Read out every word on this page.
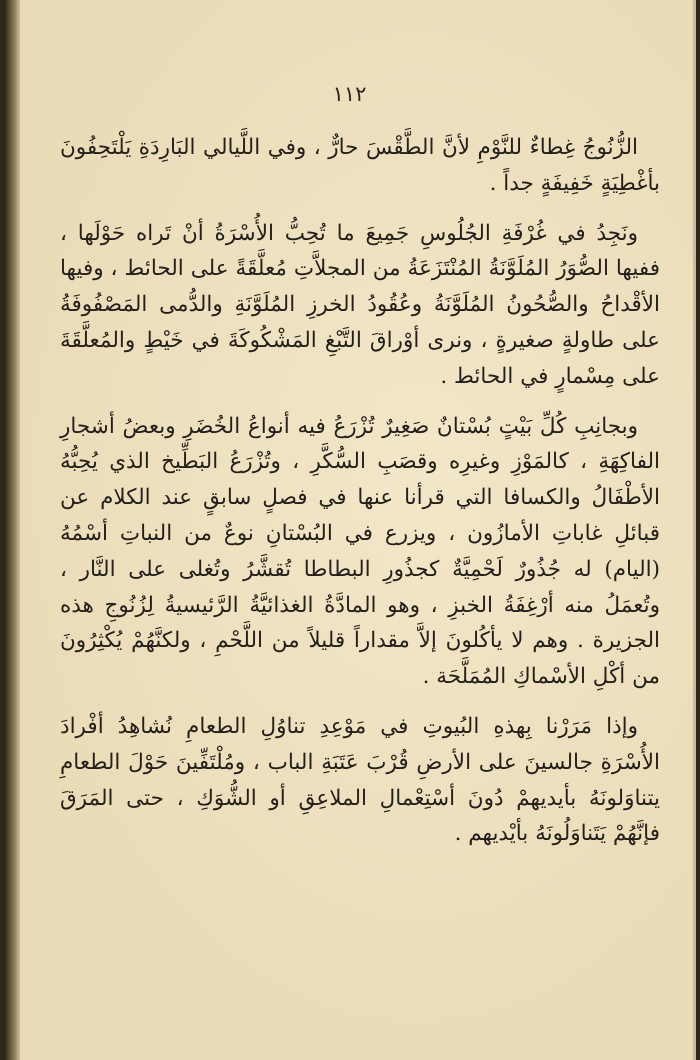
١١٢

الزُّنُوجُ غِطاءٌ للنَّوْمِ لأنَّ الطَّقْسَ حارٌّ ، وفي اللَّيالي البَارِدَةِ يَلْتَحِفُونَ بأغْطِيَةٍ خَفِيفَةٍ جداً .

ونَجِدُ في غُرْفَةِ الجُلُوسِ جَمِيعَ ما تُحِبُّ الأُسْرَةُ أنْ تَراه حَوْلَها ، ففيها الصُّوَرُ المُلَوَّنَةُ المُنْتَزَعَةُ من المجلاَّتِ مُعلَّقَةً على الحائط ، وفيها الأقْداحُ والصُّحُونُ المُلَوَّنَةُ وعُقُودُ الخرزِ المُلَوَّنَةِ والدُّمى المَصْفُوفَةُ على طاولةٍ صغيرةٍ ، ونرى أوْراقَ التَّبْغِ المَشْكُوكَةَ في خَيْطٍ والمُعلَّقَةَ على مِسْمارٍ في الحائط .

وبجانِبِ كُلِّ بَيْتٍ بُسْتانٌ صَغِيرٌ تُزْرَعُ فيه أنواعُ الخُضَرِ وبعضُ أشجارِ الفاكِهَةِ ، كالمَوْزِ وغيرِه وقصَبِ السُّكَّرِ ، وتُزْرَعُ البَطِّيخ الذي يُحِبُّهُ الأطْفَالُ والكسافا التي قرأنا عنها في فصلٍ سابقٍ عند الكلام عن قبائلِ غاباتِ الأمازُون ، ويزرع في البُسْتانِ نوعٌ من النباتِ أسْمُهُ (اليام) له جُذُورٌ لَحْمِيَّةٌ كجذُورِ البطاطا تُقشَّرُ وتُغلى على النَّار ، وتُعمَلُ منه أرْغِفَةُ الخبزِ ، وهو المادَّةُ الغذائيَّةُ الرَّئيسيةُ لِزُنُوجِ هذه الجزيرة . وهم لا يأكُلونَ إلاَّ مقداراً قليلاً من اللَّحْمِ ، ولكنَّهُمْ يُكْثِرُونَ من أكْلِ الأسْماكِ المُمَلَّحَة .

وإذا مَرَرْنا بِهذهِ البُيوتِ في مَوْعِدِ تناوُلِ الطعامِ نُشاهِدُ أفْرادَ الأُسْرَةِ جالسينَ على الأرضِ قُرْبَ عَتَبَةِ الباب ، ومُلْتَفِّينَ حَوْلَ الطعامِ يتناوَلونَهُ بأيديهمْ دُونَ أسْتِعْمالِ الملاعِقِ أو الشُّوَكِ ، حتى المَرَقَ فإنَّهُمْ يَتَناوَلُونَهُ بأيْديهم .
